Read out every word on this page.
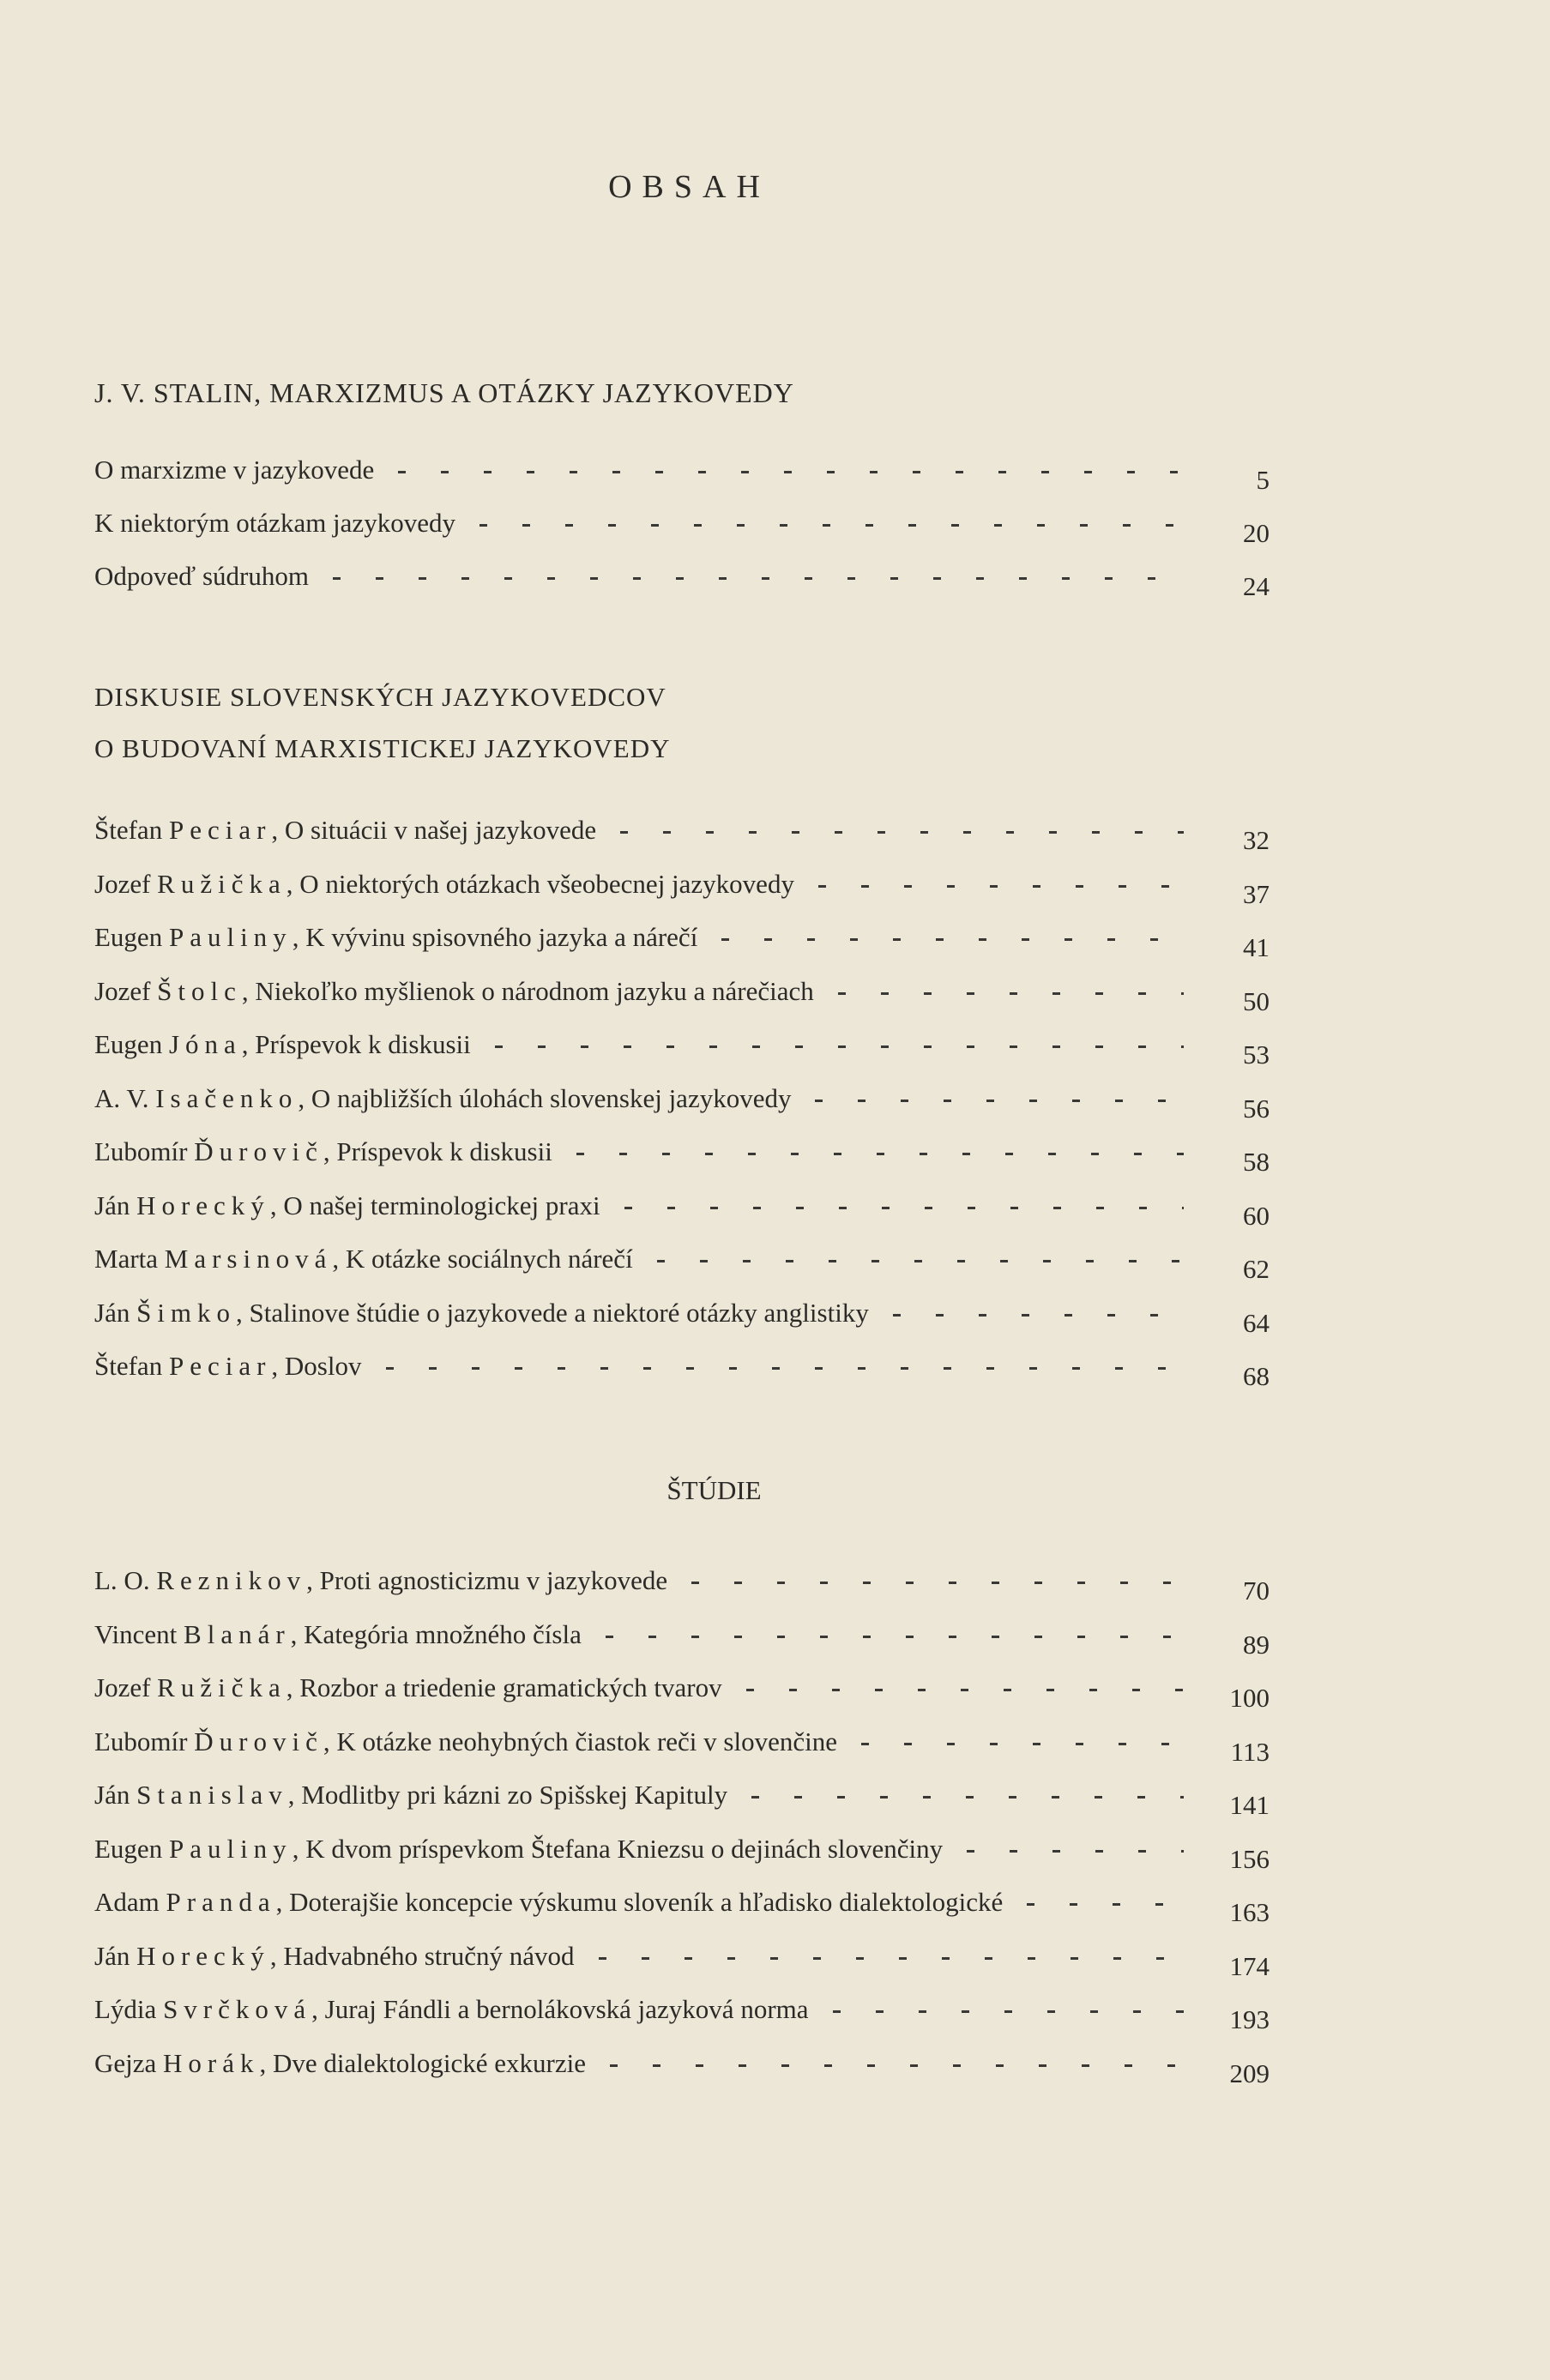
OBSAH
J. V. STALIN, MARXIZMUS A OTÁZKY JAZYKOVEDY
O marxizme v jazykovede	5
K niektorým otázkam jazykovedy	20
Odpoveď súdruhom	24
DISKUSIE SLOVENSKÝCH JAZYKOVEDCOV
O BUDOVANÍ MARXISTICKEJ JAZYKOVEDY
Štefan Peciar, O situácii v našej jazykovede	32
Jozef Ružička, O niektorých otázkach všeobecnej jazykovedy	37
Eugen Pauliny, K vývinu spisovného jazyka a nárečí	41
Jozef Štolc, Niekoľko myšlienok o národnom jazyku a nárečiach	50
Eugen Jóna, Príspevok k diskusii	53
A. V. Isačenko, O najbližších úlohách slovenskej jazykovedy	56
Ľubomír Ďurovič, Príspevok k diskusii	58
Ján Horecký, O našej terminologickej praxi	60
Marta Marsinová, K otázke sociálnych nárečí	62
Ján Šimko, Stalinove štúdie o jazykovede a niektoré otázky anglistiky	64
Štefan Peciar, Doslov	68
ŠTÚDIE
L. O. Reznikov, Proti agnosticizmu v jazykovede	70
Vincent Blanár, Kategória množného čísla	89
Jozef Ružička, Rozbor a triedenie gramatických tvarov	100
Ľubomír Ďurovič, K otázke neohybných čiastok reči v slovenčine	113
Ján Stanislav, Modlitby pri kázni zo Spišskej Kapituly	141
Eugen Pauliny, K dvom príspevkom Štefana Kniezsu o dejinách slovenčiny	156
Adam Pranda, Doterajšie koncepcie výskumu sloveník a hľadisko dialektologické	163
Ján Horecký, Hadvabného stručný návod	174
Lýdia Svrčková, Juraj Fándli a bernolákovská jazyková norma	193
Gejza Horák, Dve dialektologické exkurzie	209
